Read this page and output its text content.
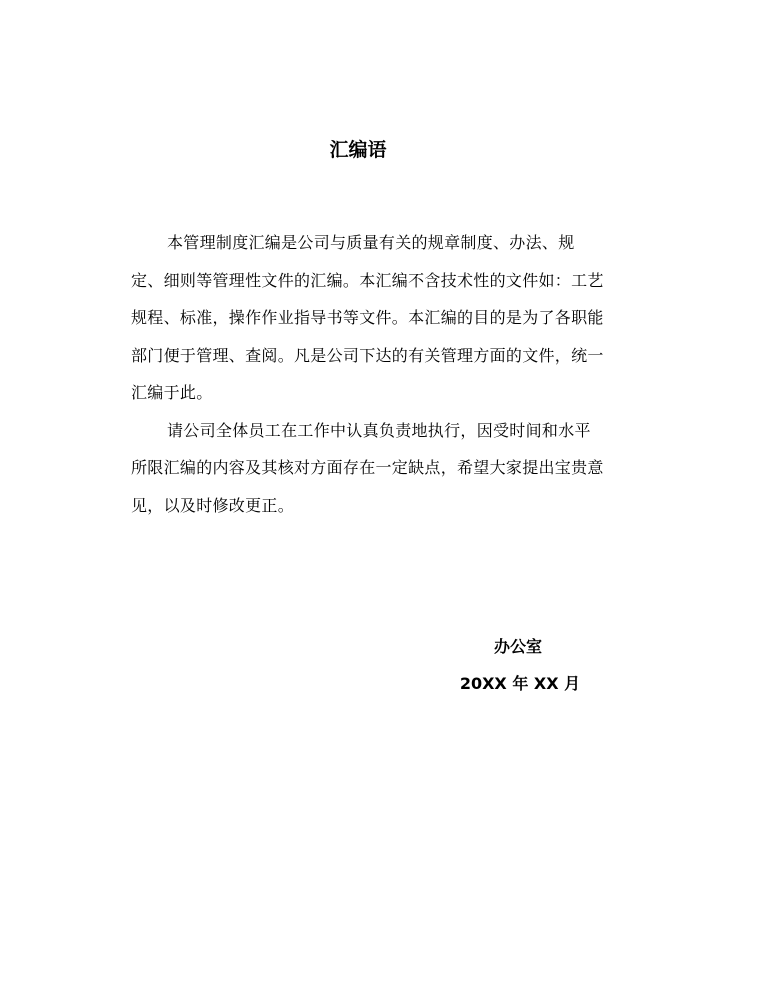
汇编语

本管理制度汇编是公司与质量有关的规章制度、办法、规定、细则等管理性文件的汇编。本汇编不含技术性的文件如：工艺规程、标准，操作作业指导书等文件。本汇编的目的是为了各职能部门便于管理、查阅。凡是公司下达的有关管理方面的文件，统一汇编于此。

请公司全体员工在工作中认真负责地执行，因受时间和水平所限汇编的内容及其核对方面存在一定缺点，希望大家提出宝贵意见，以及时修改更正。

办公室
20XX 年 XX 月
